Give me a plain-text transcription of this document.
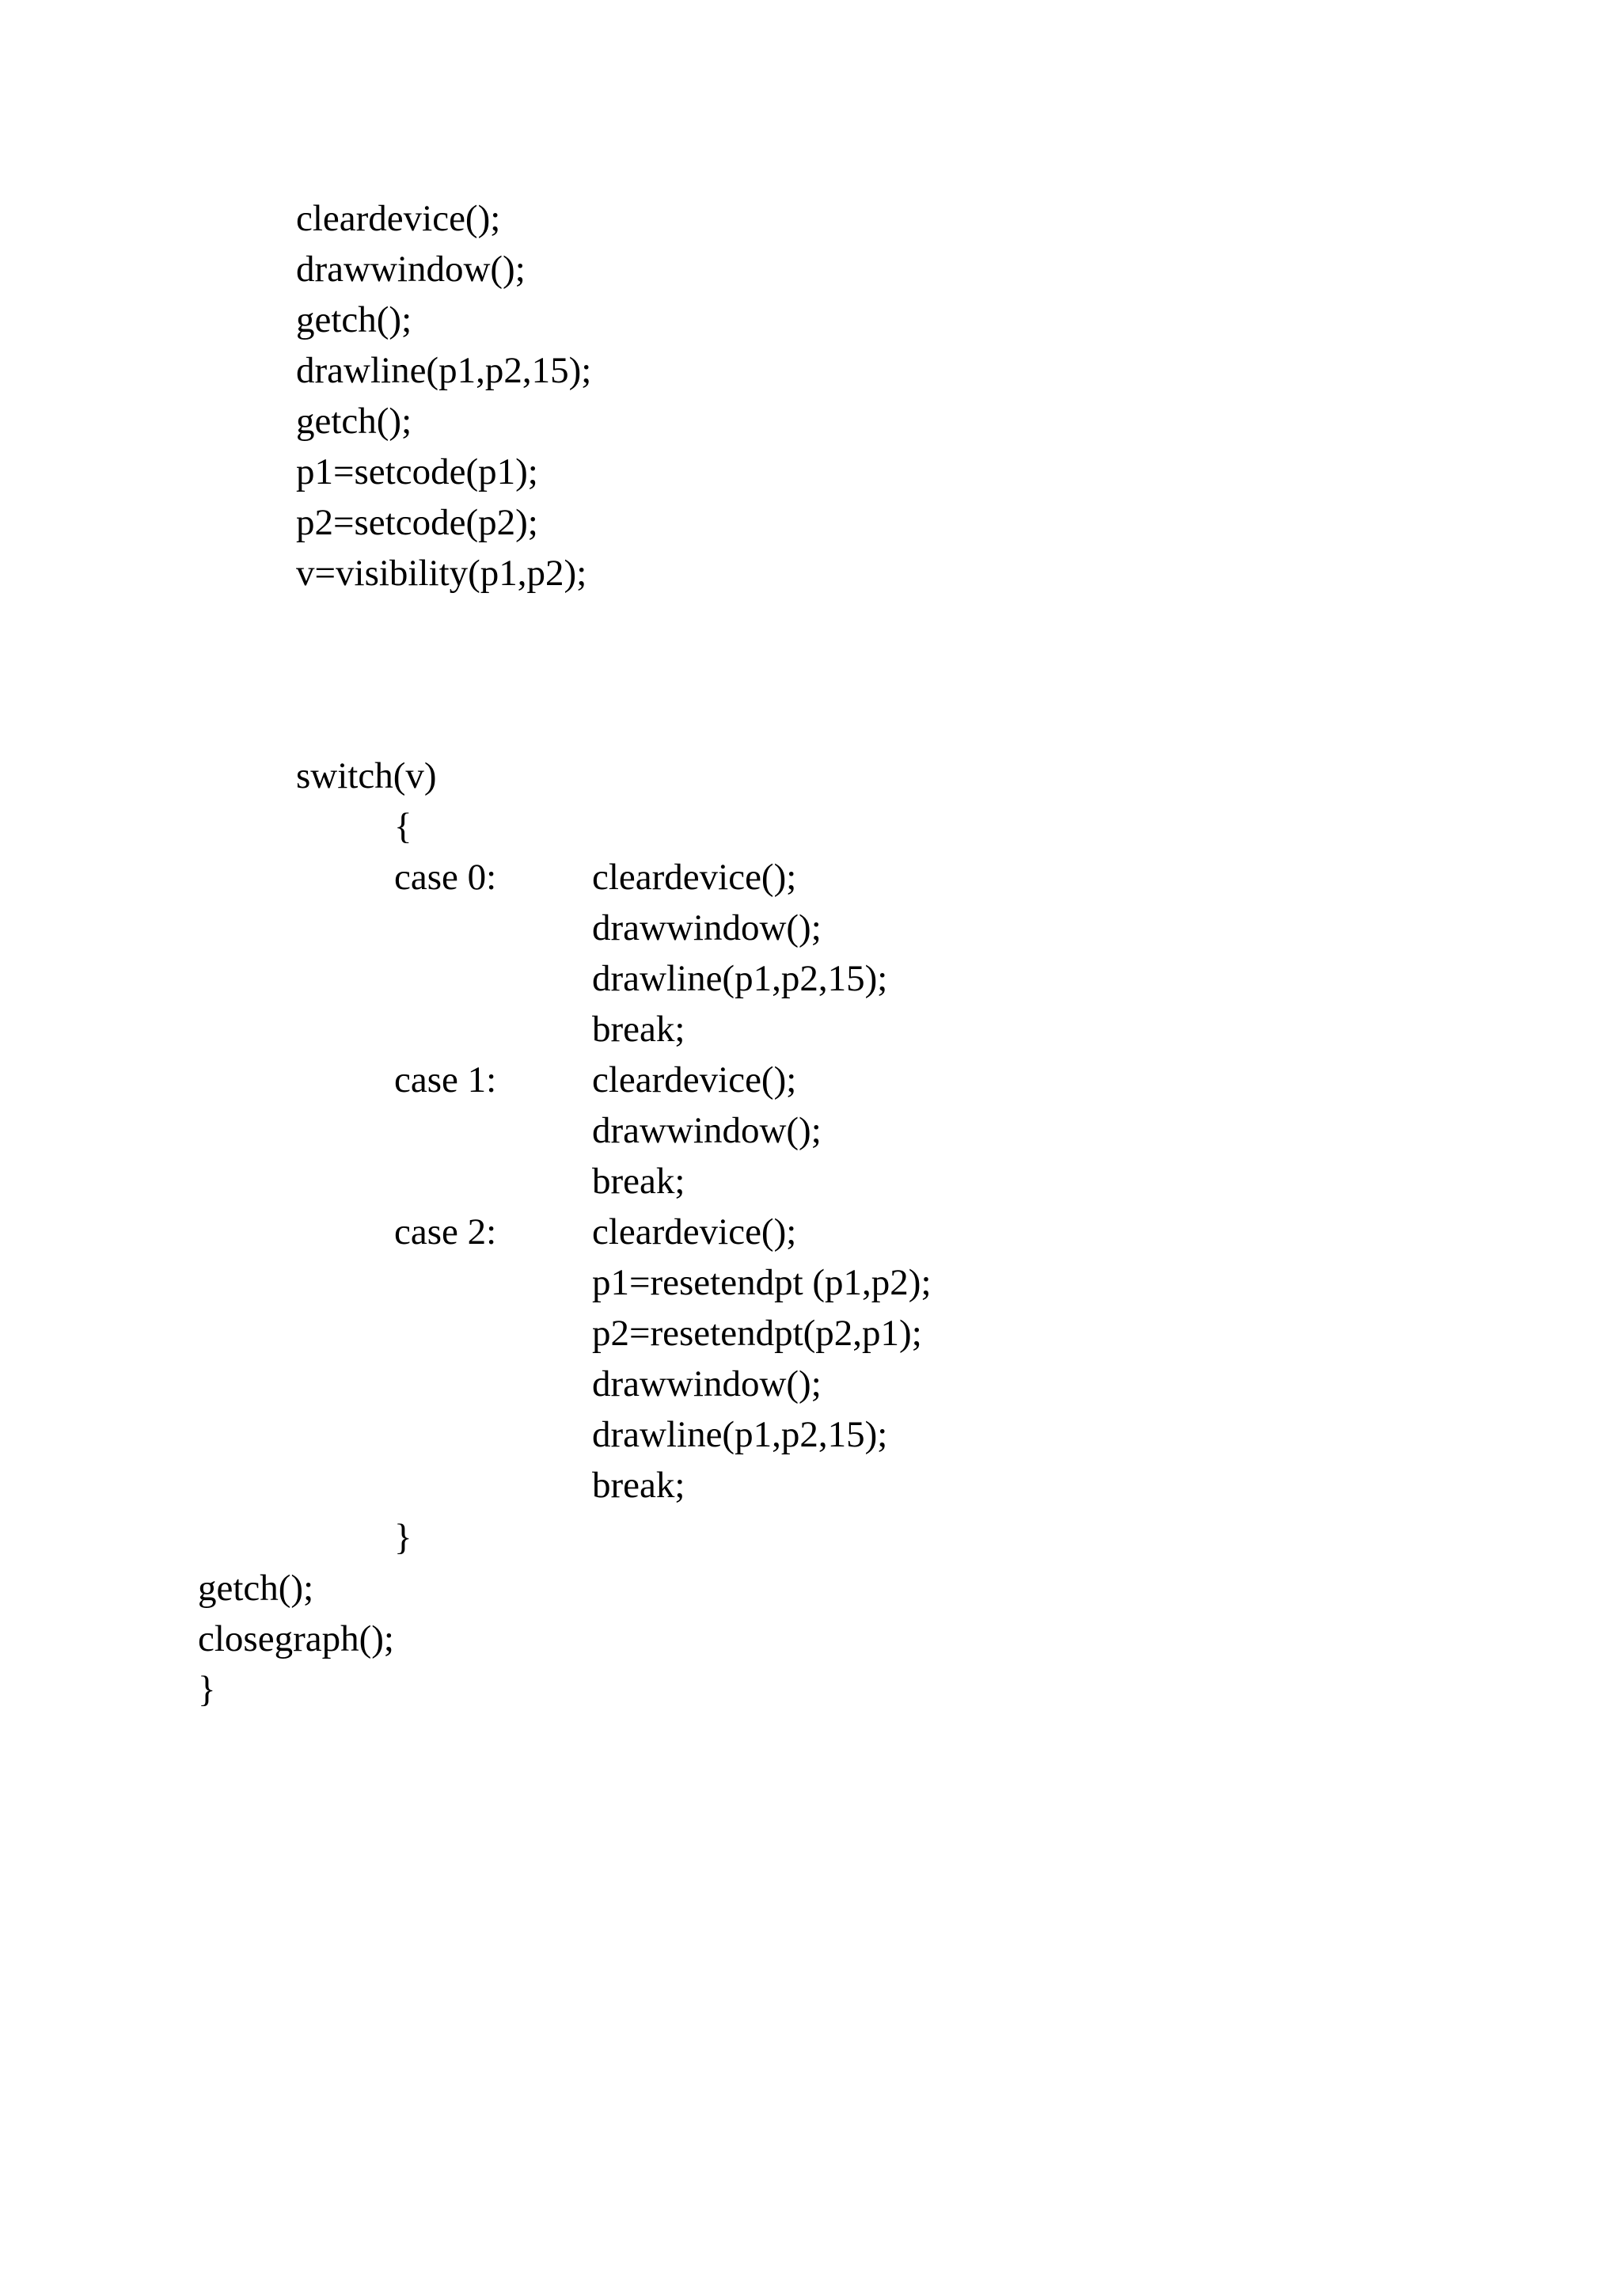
cleardevice();
drawwindow();
getch();
drawline(p1,p2,15);
getch();
p1=setcode(p1);
p2=setcode(p2);
v=visibility(p1,p2);
switch(v)
{
case 0:	cleardevice();
drawwindow();
drawline(p1,p2,15);
break;
case 1:	cleardevice();
drawwindow();
break;
case 2:	cleardevice();
p1=resetendpt (p1,p2);
p2=resetendpt(p2,p1);
drawwindow();
drawline(p1,p2,15);
break;
}
getch();
closegraph();
}
